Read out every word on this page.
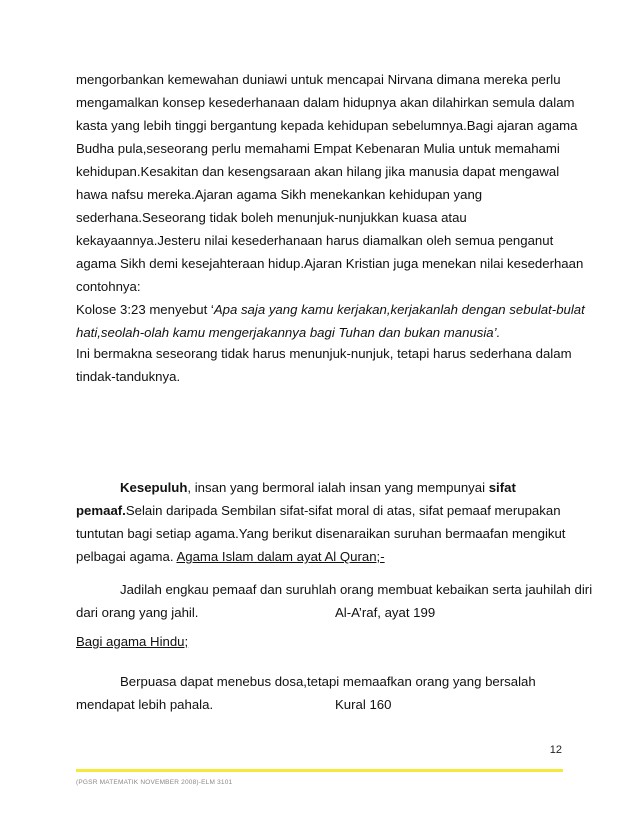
mengorbankan kemewahan duniawi untuk mencapai Nirvana dimana mereka perlu
mengamalkan konsep kesederhanaan dalam hidupnya akan dilahirkan semula dalam
kasta yang lebih tinggi bergantung kepada kehidupan sebelumnya.Bagi ajaran agama
Budha pula,seseorang perlu memahami Empat Kebenaran Mulia untuk memahami
kehidupan.Kesakitan dan kesengsaraan akan hilang jika manusia dapat mengawal
hawa nafsu mereka.Ajaran agama Sikh menekankan kehidupan yang
sederhana.Seseorang tidak boleh menunjuk-nunjukkan kuasa atau
kekayaannya.Jesteru nilai kesederhanaan harus diamalkan oleh semua penganut
agama Sikh demi kesejahteraan hidup.Ajaran Kristian juga menekan nilai kesederhaan
contohnya:
Kolose 3:23 menyebut ‘Apa saja yang kamu kerjakan,kerjakanlah dengan sebulat-bulat
hati,seolah-olah kamu mengerjakannya bagi Tuhan dan bukan manusia’.
Ini bermakna seseorang tidak harus menunjuk-nunjuk, tetapi harus sederhana dalam
tindak-tanduknya.
Kesepuluh, insan yang bermoral ialah insan yang mempunyai sifat
pemaaf.Selain daripada Sembilan sifat-sifat moral di atas, sifat pemaaf merupakan
tuntutan bagi setiap agama.Yang berikut disenaraikan suruhan bermaafan mengikut
pelbagai agama. Agama Islam dalam ayat Al Quran;-
Jadilah engkau pemaaf dan suruhlah orang membuat kebaikan serta jauhilah diri
dari orang yang jahil.	Al-A’raf, ayat 199
Bagi agama Hindu;
Berpuasa dapat menebus dosa,tetapi memaafkan orang yang bersalah
mendapat lebih pahala.	Kural 160
12
(PGSR MATEMATIK NOVEMBER 2008)-ELM 3101
